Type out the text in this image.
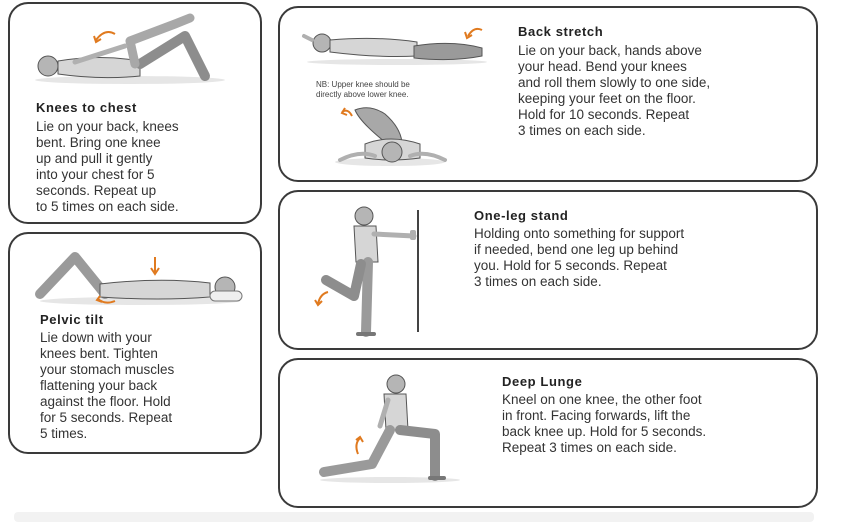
Knees to chest
Lie on your back, knees
bent. Bring one knee
up and pull it gently
into your chest for 5
seconds. Repeat up
to 5 times on each side.
Pelvic tilt
Lie down with your
knees bent. Tighten
your stomach muscles
flattening your back
against the floor. Hold
for 5 seconds. Repeat
5 times.
NB: Upper knee should be
directly above lower knee.
Back stretch
Lie on your back, hands above
your head. Bend your knees
and roll them slowly to one side,
keeping your feet on the floor.
Hold for 10 seconds. Repeat
3 times on each side.
One-leg stand
Holding onto something for support
if needed, bend one leg up behind
you. Hold for 5 seconds. Repeat
3 times on each side.
Deep Lunge
Kneel on one knee, the other foot
in front. Facing forwards, lift the
back knee up. Hold for 5 seconds.
Repeat 3 times on each side.
